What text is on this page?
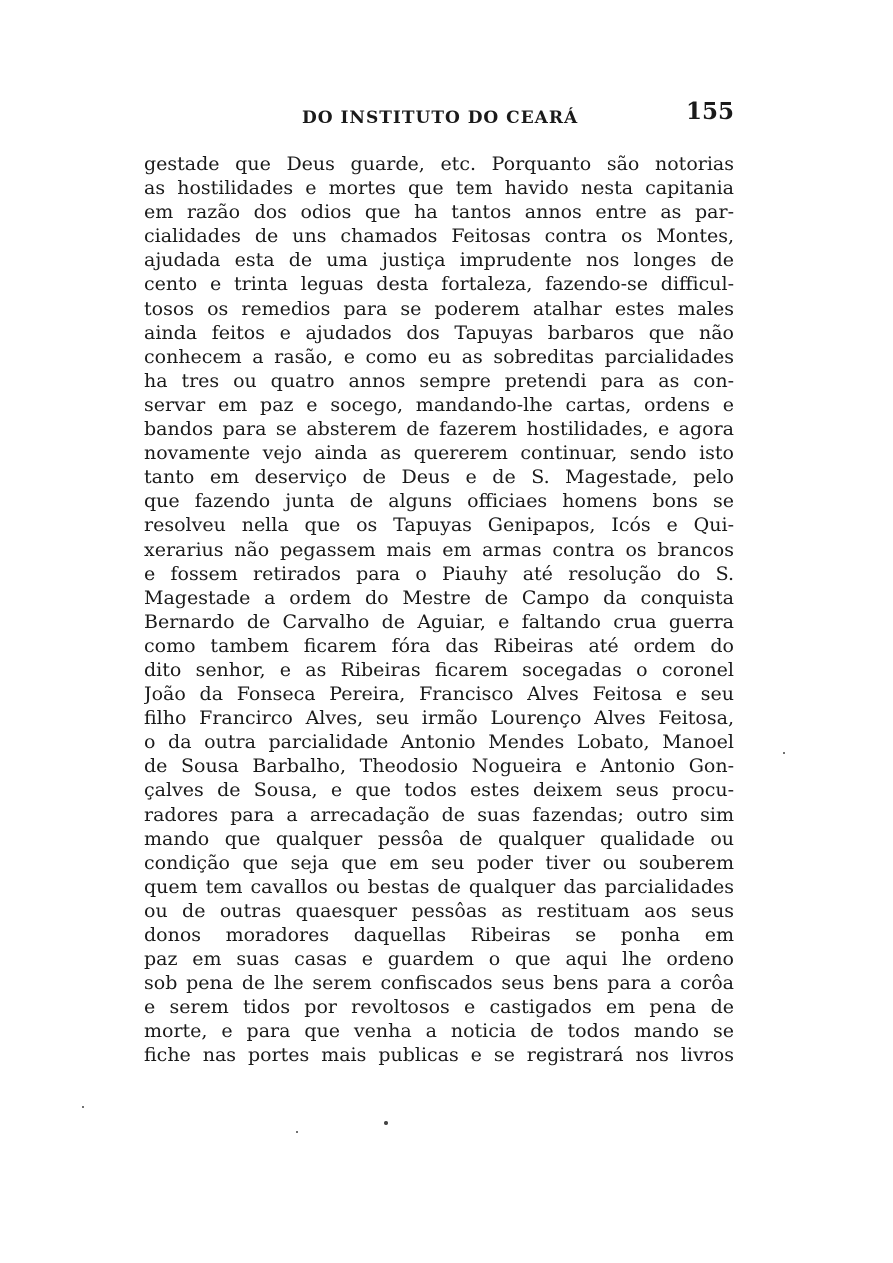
DO INSTITUTO DO CEARÁ	155
gestade que Deus guarde, etc. Porquanto são notorias
as hostilidades e mortes que tem havido nesta capitania
em razão dos odios que ha tantos annos entre as par-
cialidades de uns chamados Feitosas contra os Montes,
ajudada esta de uma justiça imprudente nos longes de
cento e trinta leguas desta fortaleza, fazendo-se difficul-
tosos os remedios para se poderem atalhar estes males
ainda feitos e ajudados dos Tapuyas barbaros que não
conhecem a rasão, e como eu as sobreditas parcialidades
ha tres ou quatro annos sempre pretendi para as con-
servar em paz e socego, mandando-lhe cartas, ordens e
bandos para se absterem de fazerem hostilidades, e agora
novamente vejo ainda as quererem continuar, sendo isto
tanto em deserviço de Deus e de S. Magestade, pelo
que fazendo junta de alguns officiaes homens bons se
resolveu nella que os Tapuyas Genipapos, Icós e Qui-
xerarius não pegassem mais em armas contra os brancos
e fossem retirados para o Piauhy até resolução do S.
Magestade a ordem do Mestre de Campo da conquista
Bernardo de Carvalho de Aguiar, e faltando crua guerra
como tambem ficarem fóra das Ribeiras até ordem do
dito senhor, e as Ribeiras ficarem socegadas o coronel
João da Fonseca Pereira, Francisco Alves Feitosa e seu
filho Francirco Alves, seu irmão Lourenço Alves Feitosa,
o da outra parcialidade Antonio Mendes Lobato, Manoel
de Sousa Barbalho, Theodosio Nogueira e Antonio Gon-
çalves de Sousa, e que todos estes deixem seus procu-
radores para a arrecadação de suas fazendas; outro sim
mando que qualquer pessôa de qualquer qualidade ou
condição que seja que em seu poder tiver ou souberem
quem tem cavallos ou bestas de qualquer das parcialidades
ou de outras quaesquer pessôas as restituam aos seus
donos moradores daquellas Ribeiras se ponha em
paz em suas casas e guardem o que aqui lhe ordeno
sob pena de lhe serem confiscados seus bens para a corôa
e serem tidos por revoltosos e castigados em pena de
morte, e para que venha a noticia de todos mando se
fiche nas portes mais publicas e se registrará nos livros
